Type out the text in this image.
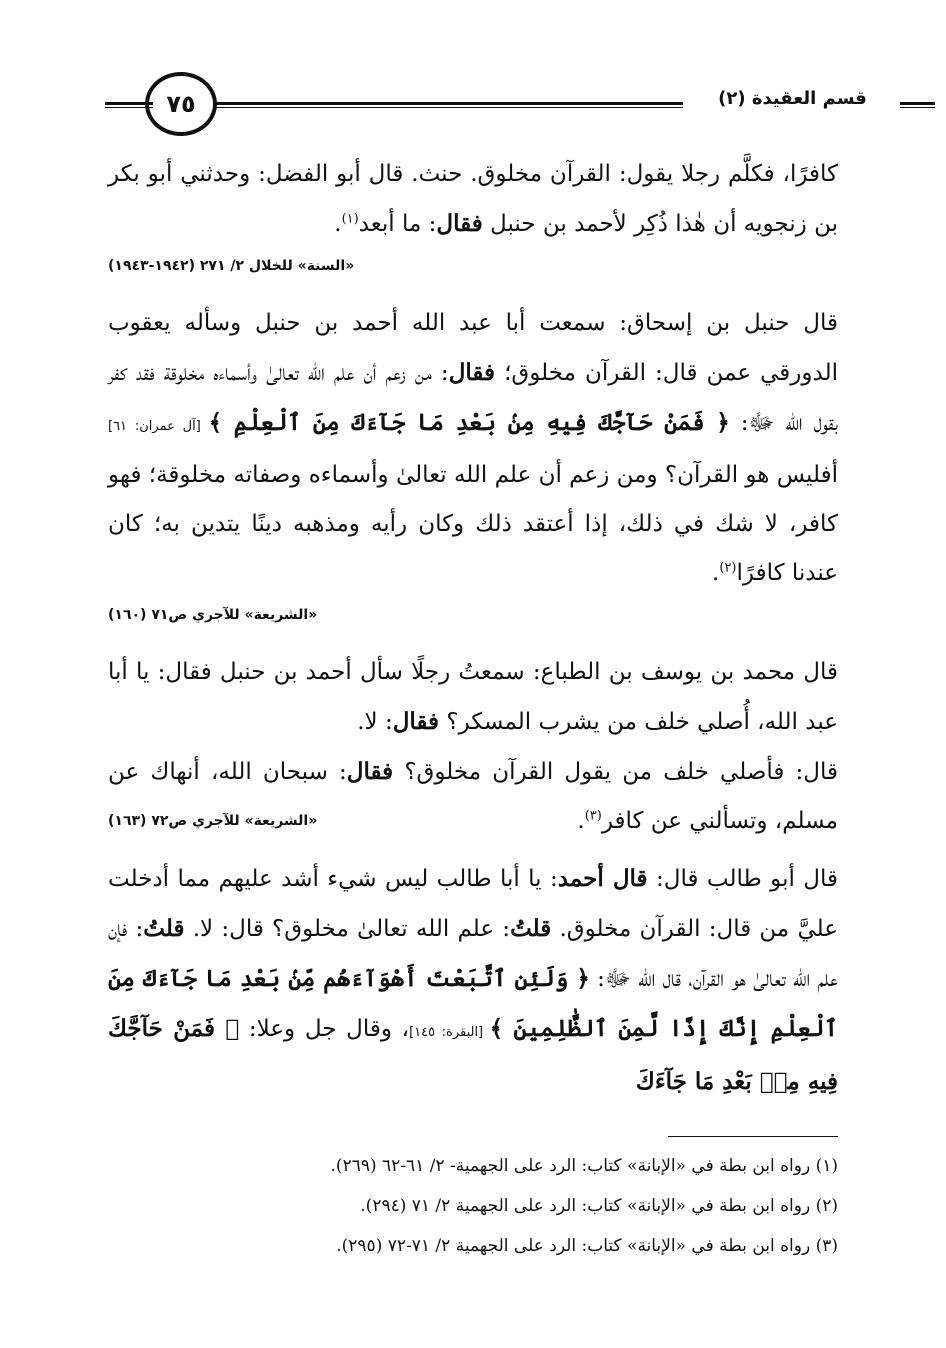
٧٥	قسم العقيدة (٢)

كافرًا، فكلَّم رجلا يقول: القرآن مخلوق. حنث. قال أبو الفضل: وحدثني أبو بكر بن زنجويه أن هٰذا ذُكِر لأحمد بن حنبل فقال: ما أبعد$^{(١)}$.

«السنة» للخلال ٢/ ٢٧١ (١٩٤٢-١٩٤٣)

قال حنبل بن إسحاق: سمعت أبا عبد الله أحمد بن حنبل وسأله يعقوب الدورقي عمن قال: القرآن مخلوق؛ فقال: من زعم أن علم الله تعالىٰ وأسماءه مخلوقة فقد كفر بقول الله ﷻ: ﴿ فَمَنْ حَآجَّكَ فِيهِ مِنۢ بَعْدِ مَا جَآءَكَ مِنَ ٱلْعِلْمِ ﴾ [آل عمران: ٦١] أفليس هو القرآن؟ ومن زعم أن علم الله تعالىٰ وأسماءه وصفاته مخلوقة؛ فهو كافر، لا شك في ذلك، إذا أعتقد ذلك وكان رأيه ومذهبه دينًا يتدين به؛ كان عندنا كافرًا$^{(٢)}$.

«الشريعة» للآجري ص٧١ (١٦٠)

قال محمد بن يوسف بن الطباع: سمعتُ رجلًا سأل أحمد بن حنبل فقال: يا أبا عبد الله، أُصلي خلف من يشرب المسكر؟ فقال: لا.

قال: فأصلي خلف من يقول القرآن مخلوق؟ فقال: سبحان الله، أنهاك عن مسلم، وتسألني عن كافر$^{(٣)}$.
«الشريعة» للآجري ص٧٢ (١٦٣)

قال أبو طالب قال: قال أحمد: يا أبا طالب ليس شيء أشد عليهم مما أدخلت عليَّ من قال: القرآن مخلوق. قلتُ: علم الله تعالىٰ مخلوق؟ قال: لا. قلتُ: فإن علم الله تعالىٰ هو القرآن، قال الله ﷻ: ﴿ وَلَئِنِ ٱتَّبَعْتَ أَهْوَآءَهُم مِّنۢ بَعْدِ مَا جَآءَكَ مِنَ ٱلْعِلْمِ إِنَّكَ إِذًا لَّمِنَ ٱلظَّٰلِمِينَ ﴾ [البقرة: ١٤٥]، وقال جل وعلا: ﴿ فَمَنْ حَآجَّكَ فِيهِ مِنۢ بَعْدِ مَا جَآءَكَ

(١) رواه ابن بطة في «الإبانة» كتاب: الرد على الجهمية- ٢/ ٦١-٦٢ (٢٦٩).

(٢) رواه ابن بطة في «الإبانة» كتاب: الرد على الجهمية ٢/ ٧١ (٢٩٤).

(٣) رواه ابن بطة في «الإبانة» كتاب: الرد على الجهمية ٢/ ٧١-٧٢ (٢٩٥).
